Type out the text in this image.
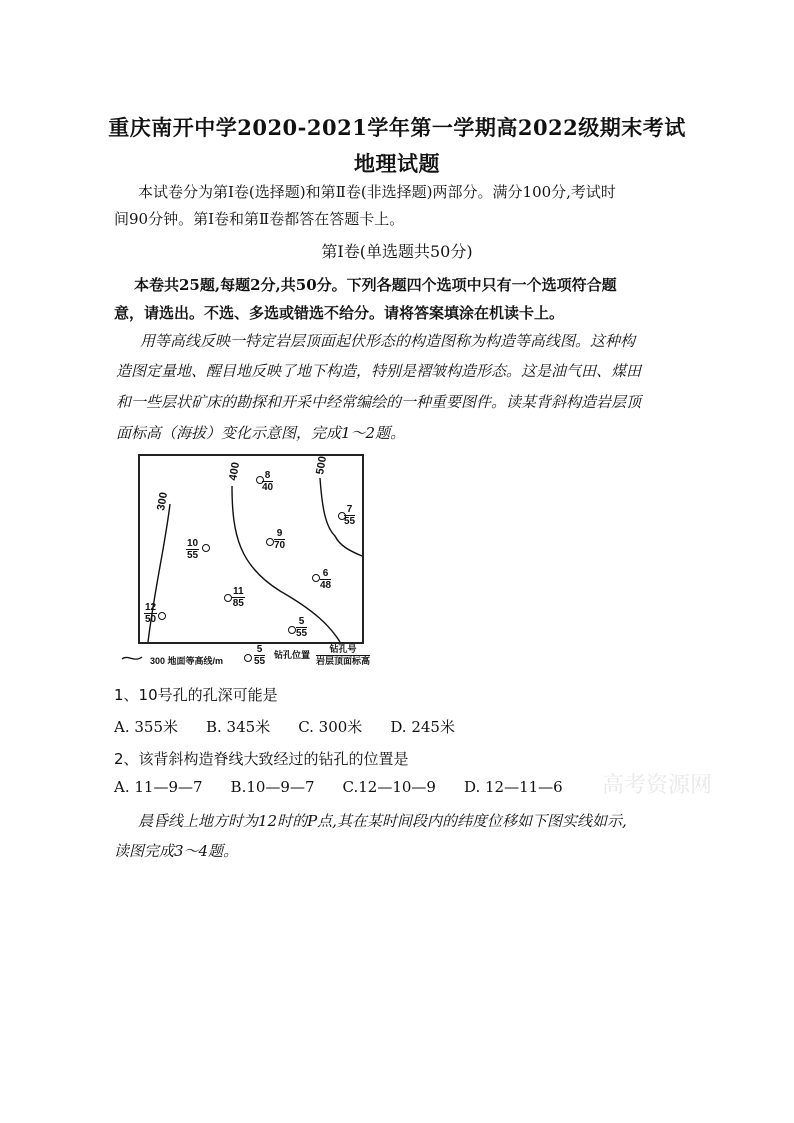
重庆南开中学2020-2021学年第一学期高2022级期末考试
地理试题
本试卷分为第Ⅰ卷(选择题)和第Ⅱ卷(非选择题)两部分。满分100分,考试时
间90分钟。第Ⅰ卷和第Ⅱ卷都答在答题卡上。
第Ⅰ卷(单选题共50分)
本卷共25题,每题2分,共50分。下列各题四个选项中只有一个选项符合题
意，请选出。不选、多选或错选不给分。请将答案填涂在机读卡上。
用等高线反映一特定岩层顶面起伏形态的构造图称为构造等高线图。这种构
造图定量地、醒目地反映了地下构造，特别是褶皱构造形态。这是油气田、煤田
和一些层状矿床的勘探和开采中经常编绘的一种重要图件。读某背斜构造岩层顶
面标高（海拔）变化示意图，完成1～2题。
300
400	500
$\frac{8}{40}$
$\frac{7}{55}$
$\frac{10}{55}$	$\frac{9}{70}$
$\frac{6}{48}$
$\frac{11}{85}$
$\frac{12}{50}$
$\frac{5}{55}$
300 地面等高线/m	$\frac{5}{55}$ 钻孔位置
钻孔号
岩层顶面标高
1、10号孔的孔深可能是
A. 355米 B. 345米 C. 300米 D. 245米
2、该背斜构造脊线大致经过的钻孔的位置是
A. 11—9—7 B.10—9—7 C.12—10—9 D. 12—11—6	高考资源网
晨昏线上地方时为12时的P点,其在某时间段内的纬度位移如下图实线如示,
读图完成3～4题。
